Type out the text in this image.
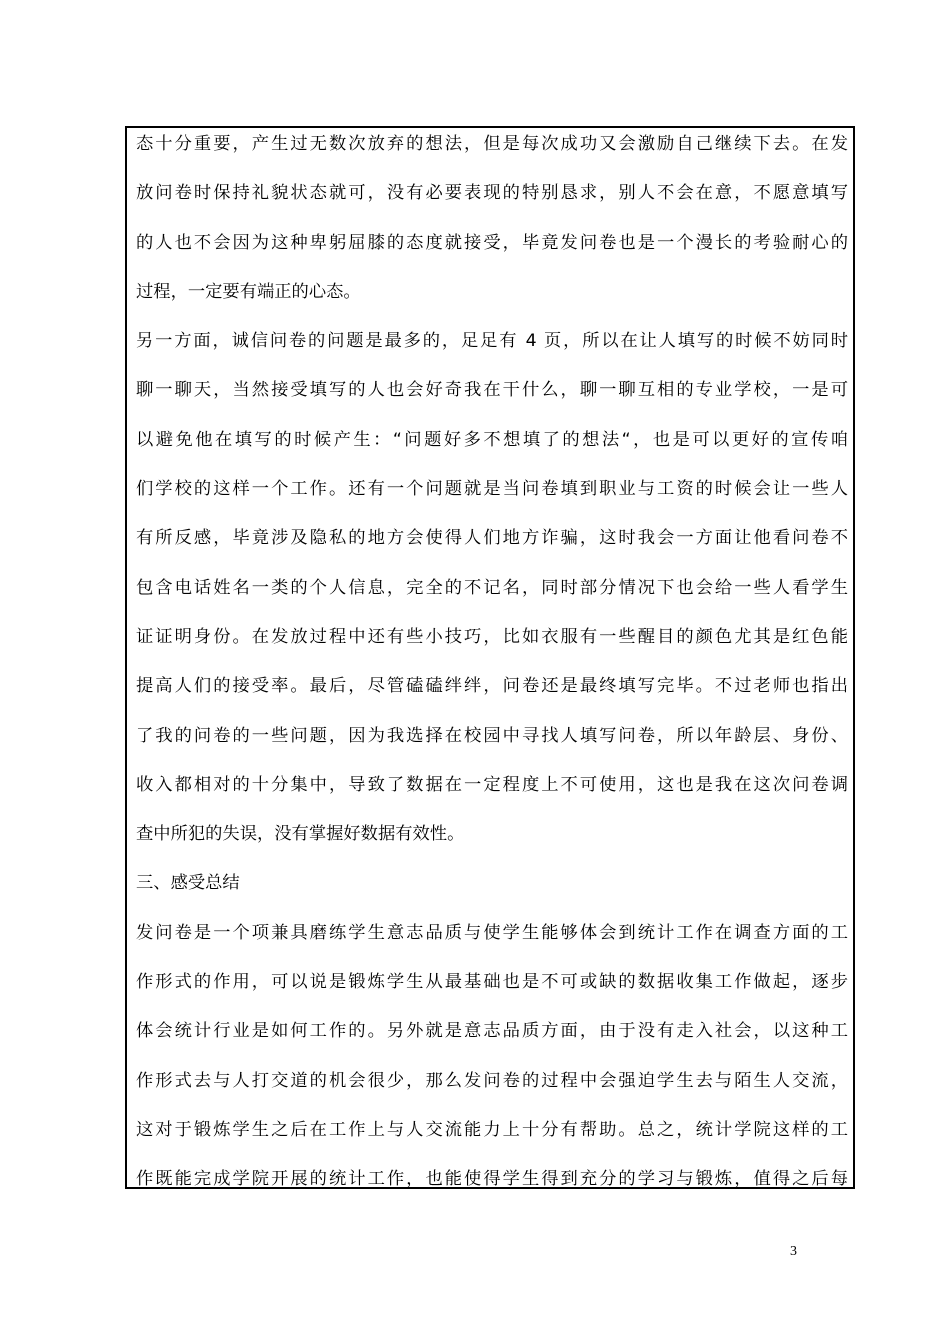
态十分重要，产生过无数次放弃的想法，但是每次成功又会激励自己继续下去。在发
放问卷时保持礼貌状态就可，没有必要表现的特别恳求，别人不会在意，不愿意填写
的人也不会因为这种卑躬屈膝的态度就接受，毕竟发问卷也是一个漫长的考验耐心的
过程，一定要有端正的心态。
另一方面，诚信问卷的问题是最多的，足足有 4 页，所以在让人填写的时候不妨同时
聊一聊天，当然接受填写的人也会好奇我在干什么，聊一聊互相的专业学校，一是可
以避免他在填写的时候产生：“问题好多不想填了的想法“，也是可以更好的宣传咱
们学校的这样一个工作。还有一个问题就是当问卷填到职业与工资的时候会让一些人
有所反感，毕竟涉及隐私的地方会使得人们地方诈骗，这时我会一方面让他看问卷不
包含电话姓名一类的个人信息，完全的不记名，同时部分情况下也会给一些人看学生
证证明身份。在发放过程中还有些小技巧，比如衣服有一些醒目的颜色尤其是红色能
提高人们的接受率。最后，尽管磕磕绊绊，问卷还是最终填写完毕。不过老师也指出
了我的问卷的一些问题，因为我选择在校园中寻找人填写问卷，所以年龄层、身份、
收入都相对的十分集中，导致了数据在一定程度上不可使用，这也是我在这次问卷调
查中所犯的失误，没有掌握好数据有效性。
三、感受总结
发问卷是一个项兼具磨练学生意志品质与使学生能够体会到统计工作在调查方面的工
作形式的作用，可以说是锻炼学生从最基础也是不可或缺的数据收集工作做起，逐步
体会统计行业是如何工作的。另外就是意志品质方面，由于没有走入社会，以这种工
作形式去与人打交道的机会很少，那么发问卷的过程中会强迫学生去与陌生人交流，
这对于锻炼学生之后在工作上与人交流能力上十分有帮助。总之，统计学院这样的工
作既能完成学院开展的统计工作，也能使得学生得到充分的学习与锻炼，值得之后每
3
